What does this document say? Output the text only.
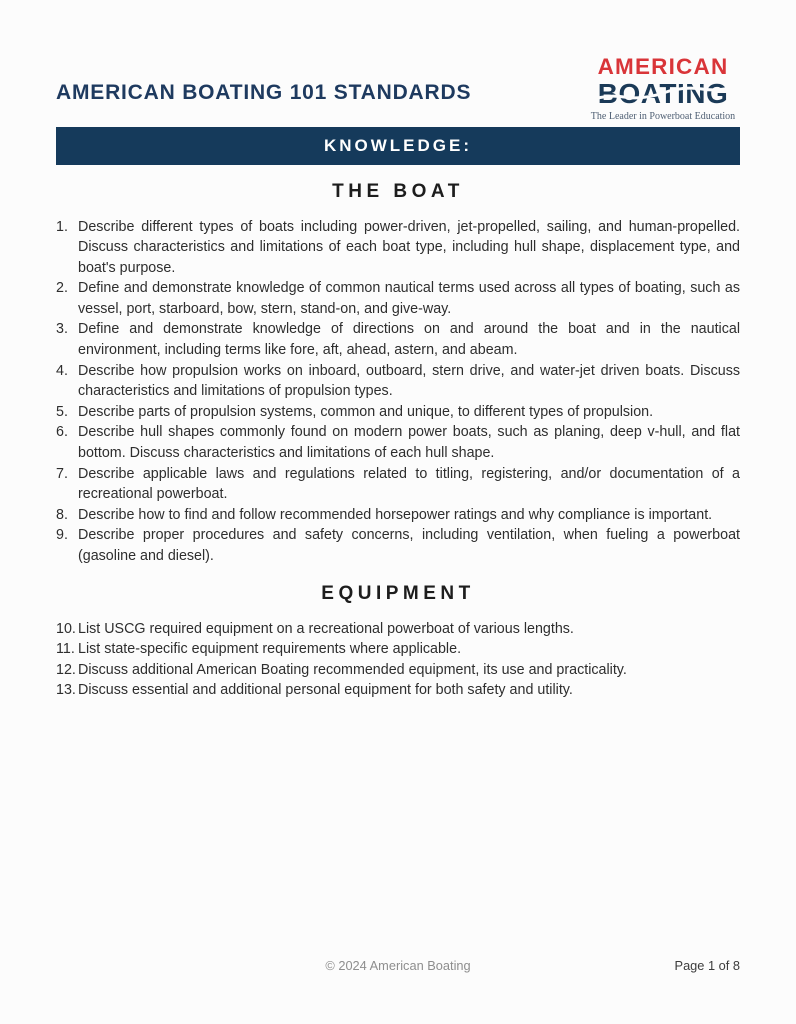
AMERICAN BOATING 101 STANDARDS
AMERICAN
BOATING
The Leader in Powerboat Education
KNOWLEDGE:
THE BOAT
1. Describe different types of boats including power-driven, jet-propelled, sailing, and human-propelled. Discuss characteristics and limitations of each boat type, including hull shape, displacement type, and boat's purpose.
2. Define and demonstrate knowledge of common nautical terms used across all types of boating, such as vessel, port, starboard, bow, stern, stand-on, and give-way.
3. Define and demonstrate knowledge of directions on and around the boat and in the nautical environment, including terms like fore, aft, ahead, astern, and abeam.
4. Describe how propulsion works on inboard, outboard, stern drive, and water-jet driven boats. Discuss characteristics and limitations of propulsion types.
5. Describe parts of propulsion systems, common and unique, to different types of propulsion.
6. Describe hull shapes commonly found on modern power boats, such as planing, deep v-hull, and flat bottom. Discuss characteristics and limitations of each hull shape.
7. Describe applicable laws and regulations related to titling, registering, and/or documentation of a recreational powerboat.
8. Describe how to find and follow recommended horsepower ratings and why compliance is important.
9. Describe proper procedures and safety concerns, including ventilation, when fueling a powerboat (gasoline and diesel).
EQUIPMENT
10. List USCG required equipment on a recreational powerboat of various lengths.
11. List state-specific equipment requirements where applicable.
12. Discuss additional American Boating recommended equipment, its use and practicality.
13. Discuss essential and additional personal equipment for both safety and utility.
© 2024 American Boating	Page 1 of 8
